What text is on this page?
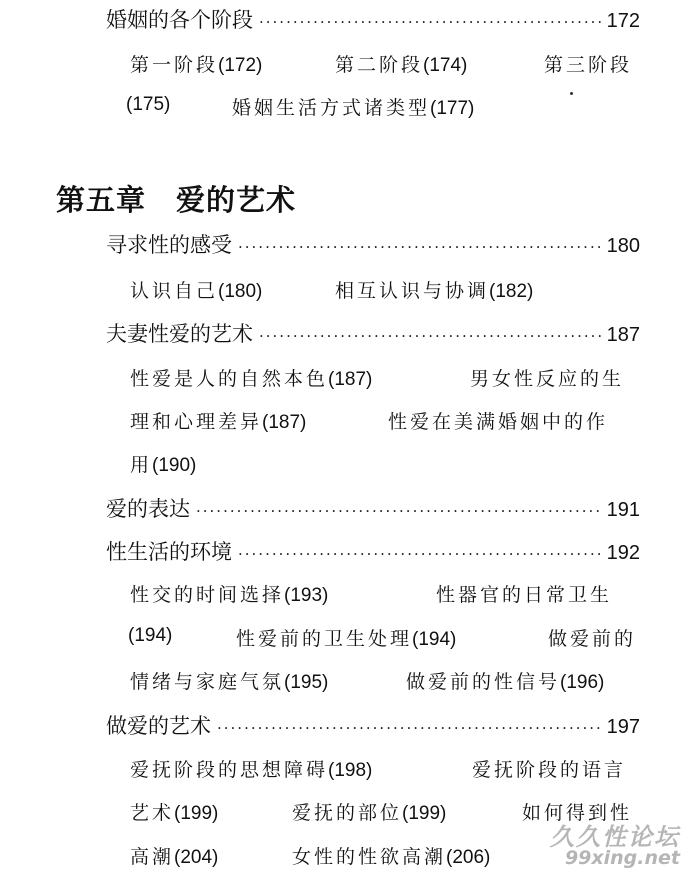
婚姻的各个阶段 ·····	172
第一阶段(172)	第二阶段(174)	第三阶段
(175)	婚姻生活方式诸类型(177)
第五章 爱的艺术
寻求性的感受 ·····	180
认识自己(180)	相互认识与协调(182)
夫妻性爱的艺术 ·····	187
性爱是人的自然本色(187)	男女性反应的生
理和心理差异(187)	性爱在美满婚姻中的作
用(190)
爱的表达 ·····	191
性生活的环境 ·····	192
性交的时间选择(193)	性器官的日常卫生
(194)	性爱前的卫生处理(194)	做爱前的
情绪与家庭气氛(195)	做爱前的性信号(196)
做爱的艺术 ·····	197
爱抚阶段的思想障碍(198)	爱抚阶段的语言
艺术(199)	爱抚的部位(199)	如何得到性
高潮(204)	女性的性欲高潮(206)
久久性论坛
99xing.net
